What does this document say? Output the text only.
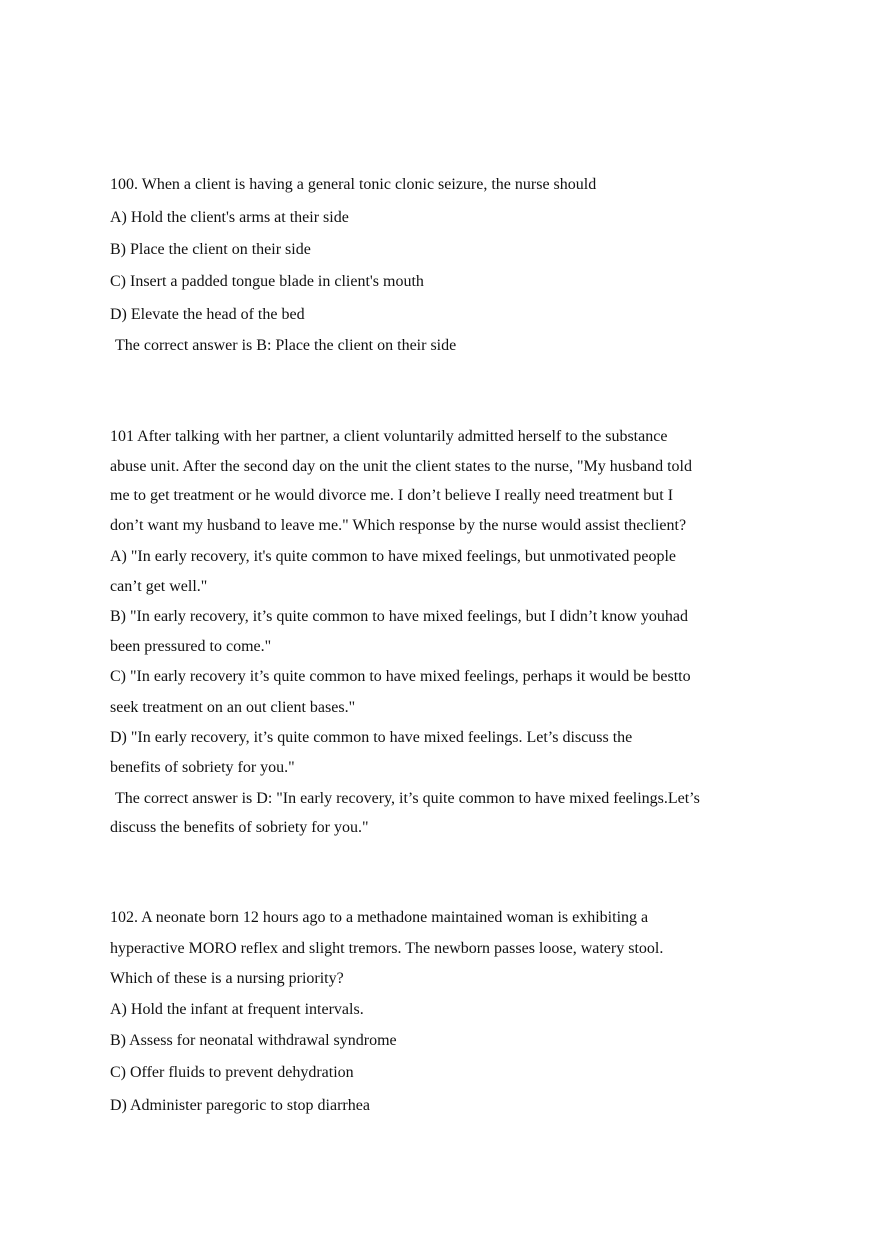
100. When a client is having a general tonic clonic seizure, the nurse should
A) Hold the client's arms at their side
B) Place the client on their side
C) Insert a padded tongue blade in client's mouth
D) Elevate the head of the bed
The correct answer is B: Place the client on their side
101 After talking with her partner, a client voluntarily admitted herself to the substance
abuse unit. After the second day on the unit the client states to the nurse, "My husband told
me to get treatment or he would divorce me. I don’t believe I really need treatment but I
don’t want my husband to leave me." Which response by the nurse would assist theclient?
A) "In early recovery, it's quite common to have mixed feelings, but unmotivated people
can’t get well."
B) "In early recovery, it’s quite common to have mixed feelings, but I didn’t know youhad
been pressured to come."
C) "In early recovery it’s quite common to have mixed feelings, perhaps it would be bestto
seek treatment on an out client bases."
D) "In early recovery, it’s quite common to have mixed feelings. Let’s discuss the
benefits of sobriety for you."
The correct answer is D: "In early recovery, it’s quite common to have mixed feelings.Let’s
discuss the benefits of sobriety for you."
102. A neonate born 12 hours ago to a methadone maintained woman is exhibiting a
hyperactive MORO reflex and slight tremors. The newborn passes loose, watery stool.
Which of these is a nursing priority?
A) Hold the infant at frequent intervals.
B) Assess for neonatal withdrawal syndrome
C) Offer fluids to prevent dehydration
D) Administer paregoric to stop diarrhea
